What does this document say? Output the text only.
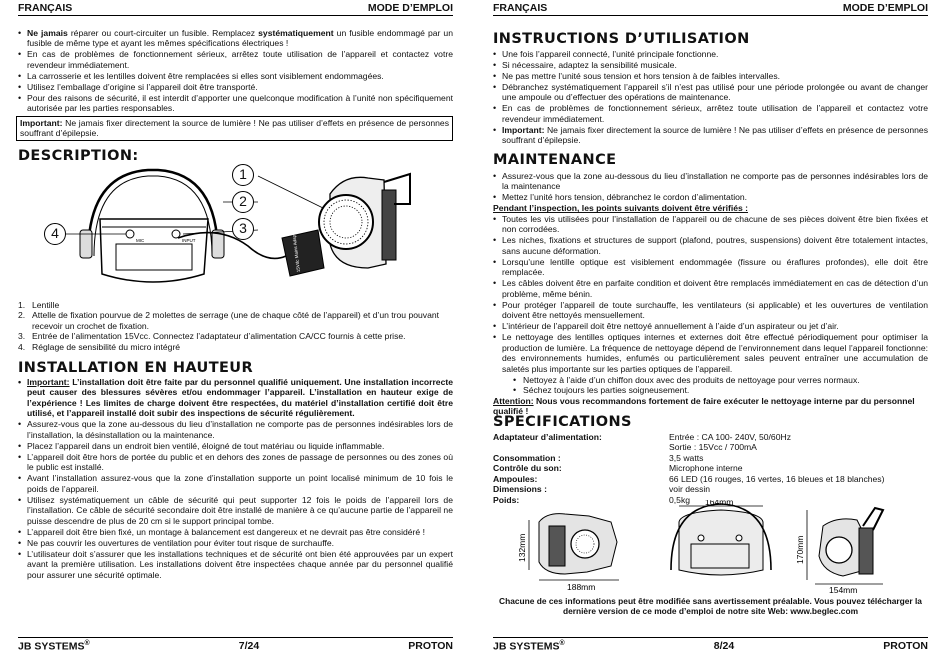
FRANÇAIS	MODE D’EMPLOI
• Ne jamais réparer ou court-circuiter un fusible. Remplacez systématiquement un fusible endommagé par un fusible de même type et ayant les mêmes spécifications électriques !
• En cas de problèmes de fonctionnement sérieux, arrêtez toute utilisation de l’appareil et contactez votre revendeur immédiatement.
• La carrosserie et les lentilles doivent être remplacées si elles sont visiblement endommagées.
• Utilisez l’emballage d’origine si l’appareil doit être transporté.
• Pour des raisons de sécurité, il est interdit d’apporter une quelconque modification à l’unité non spécifiquement autorisée par les parties responsables.
Important: Ne jamais fixer directement la source de lumière ! Ne pas utiliser d’effets en présence de personnes souffrant d’épilepsie.
DESCRIPTION:
MIC	INPUT	15Vdc Mains Adapter
1
2
3
4
1. Lentille
2. Attelle de fixation pourvue de 2 molettes de serrage (une de chaque côté de l’appareil) et d’un trou pouvant recevoir un crochet de fixation.
3. Entrée de l’alimentation 15Vcc. Connectez l’adaptateur d’alimentation CA/CC fournis à cette prise.
4. Réglage de sensibilité du micro intégré
INSTALLATION EN HAUTEUR
• Important: L’installation doit être faite par du personnel qualifié uniquement. Une installation incorrecte peut causer des blessures sévères et/ou endommager l’appareil. L’installation en hauteur exige de l’expérience ! Les limites de charge doivent être respectées, du matériel d’installation certifié doit être utilisé, et l’appareil installé doit subir des inspections de sécurité régulièrement.
• Assurez-vous que la zone au-dessous du lieu d’installation ne comporte pas de personnes indésirables lors de l’installation, la désinstallation ou la maintenance.
• Placez l’appareil dans un endroit bien ventilé, éloigné de tout matériau ou liquide inflammable.
• L’appareil doit être hors de portée du public et en dehors des zones de passage de personnes ou des zones où le public est installé.
• Avant l’installation assurez-vous que la zone d’installation supporte un point localisé minimum de 10 fois le poids de l’appareil.
• Utilisez systématiquement un câble de sécurité qui peut supporter 12 fois le poids de l’appareil lors de l’installation. Ce câble de sécurité secondaire doit être installé de manière à ce qu’aucune partie de l’appareil ne puisse descendre de plus de 20 cm si le support principal tombe.
• L’appareil doit être bien fixé, un montage à balancement est dangereux et ne devrait pas être considéré !
• Ne pas couvrir les ouvertures de ventilation pour éviter tout risque de surchauffe.
• L’utilisateur doit s’assurer que les installations techniques et de sécurité ont bien été approuvées par un expert avant la première utilisation. Les installations doivent être inspectées chaque année par du personnel qualifié pour assurer une sécurité optimale.
JB SYSTEMS®	7/24	PROTON
FRANÇAIS	MODE D’EMPLOI
INSTRUCTIONS D’UTILISATION
• Une fois l’appareil connecté, l’unité principale fonctionne.
• Si nécessaire, adaptez la sensibilité musicale.
• Ne pas mettre l’unité sous tension et hors tension à de faibles intervalles.
• Débranchez systématiquement l’appareil s’il n’est pas utilisé pour une période prolongée ou avant de changer une ampoule ou d’effectuer des opérations de maintenance.
• En cas de problèmes de fonctionnement sérieux, arrêtez toute utilisation de l’appareil et contactez votre revendeur immédiatement.
• Important: Ne jamais fixer directement la source de lumière ! Ne pas utiliser d’effets en présence de personnes souffrant d’épilepsie.
MAINTENANCE
• Assurez-vous que la zone au-dessous du lieu d’installation ne comporte pas de personnes indésirables lors de la maintenance
• Mettez l’unité hors tension, débranchez le cordon d’alimentation.
Pendant l’inspection, les points suivants doivent être vérifiés :
• Toutes les vis utilisées pour l’installation de l’appareil ou de chacune de ses pièces doivent être bien fixées et non corrodées.
• Les niches, fixations et structures de support (plafond, poutres, suspensions) doivent être totalement intactes, sans aucune déformation.
• Lorsqu’une lentille optique est visiblement endommagée (fissure ou éraflures profondes), elle doit être remplacée.
• Les câbles doivent être en parfaite condition et doivent être remplacés immédiatement en cas de détection d’un problème, même bénin.
• Pour protéger l’appareil de toute surchauffe, les ventilateurs (si applicable) et les ouvertures de ventilation doivent être nettoyés mensuellement.
• L’intérieur de l’appareil doit être nettoyé annuellement à l’aide d’un aspirateur ou jet d’air.
• Le nettoyage des lentilles optiques internes et externes doit être effectué périodiquement pour optimiser la production de lumière. La fréquence de nettoyage dépend de l’environnement dans lequel l’appareil fonctionne: des environnements humides, enfumés ou particulièrement sales peuvent entraîner une accumulation de saletés plus importante sur les parties optiques de l’appareil.
• Nettoyez à l’aide d’un chiffon doux avec des produits de nettoyage pour verres normaux.
• Séchez toujours les parties soigneusement.
Attention: Nous vous recommandons fortement de faire exécuter le nettoyage interne par du personnel qualifié !
SPECIFICATIONS
Adaptateur d’alimentation:	Entrée : CA 100- 240V, 50/60Hz
Sortie : 15Vcc / 700mA
Consommation :	3,5 watts
Contrôle du son:	Microphone interne
Ampoules:	66 LED (16 rouges, 16 vertes, 16 bleues et 18 blanches)
Dimensions :	voir dessin
Poids:	0,5kg
188mm
132mm
164mm
170mm
154mm
Chacune de ces informations peut être modifiée sans avertissement préalable. Vous pouvez télécharger la dernière version de ce mode d’emploi de notre site Web: www.beglec.com
JB SYSTEMS®	8/24	PROTON
